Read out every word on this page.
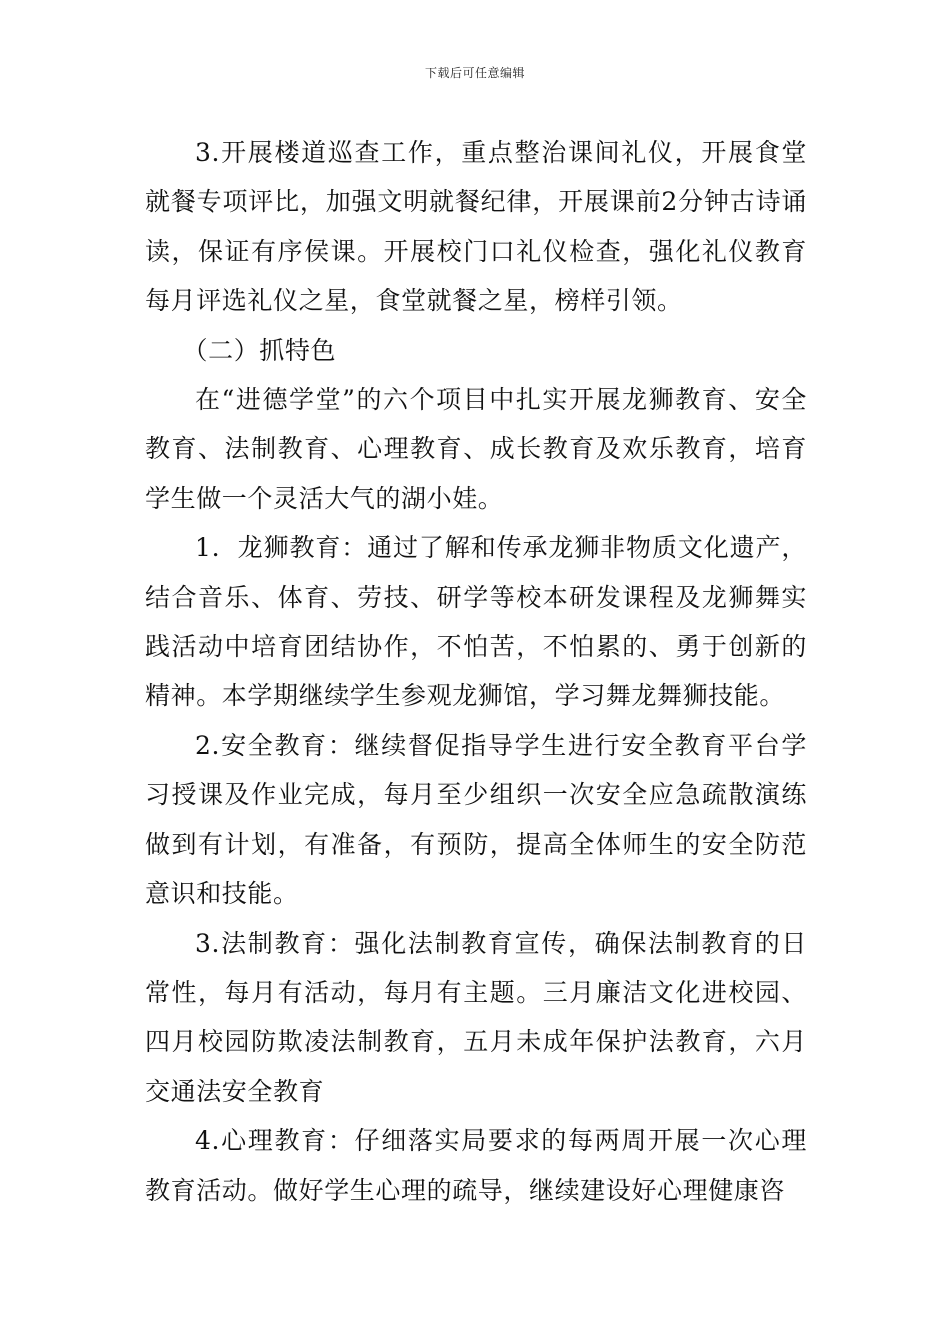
下载后可任意编辑

3.开展楼道巡查工作，重点整治课间礼仪，开展食堂就餐专项评比，加强文明就餐纪律，开展课前2分钟古诗诵读，保证有序侯课。开展校门口礼仪检查，强化礼仪教育每月评选礼仪之星，食堂就餐之星，榜样引领。

（二）抓特色

在“进德学堂”的六个项目中扎实开展龙狮教育、安全教育、法制教育、心理教育、成长教育及欢乐教育，培育学生做一个灵活大气的湖小娃。

1．龙狮教育：通过了解和传承龙狮非物质文化遗产，结合音乐、体育、劳技、研学等校本研发课程及龙狮舞实践活动中培育团结协作，不怕苦，不怕累的、勇于创新的精神。本学期继续学生参观龙狮馆，学习舞龙舞狮技能。

2.安全教育：继续督促指导学生进行安全教育平台学习授课及作业完成，每月至少组织一次安全应急疏散演练做到有计划，有准备，有预防，提高全体师生的安全防范意识和技能。

3.法制教育：强化法制教育宣传，确保法制教育的日常性，每月有活动，每月有主题。三月廉洁文化进校园、四月校园防欺凌法制教育，五月未成年保护法教育，六月交通法安全教育

4.心理教育：仔细落实局要求的每两周开展一次心理教育活动。做好学生心理的疏导，继续建设好心理健康咨
